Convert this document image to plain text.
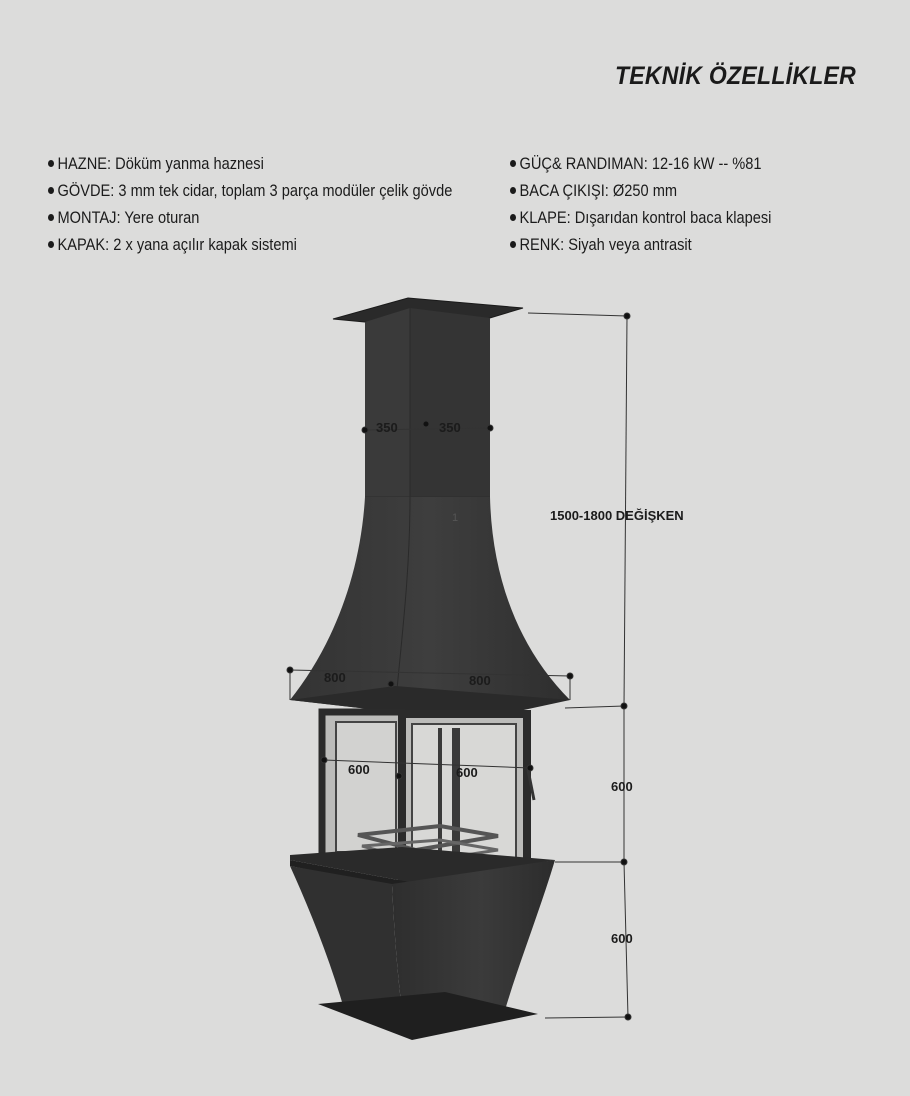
TEKNİK ÖZELLİKLER
HAZNE: Döküm yanma haznesi
GÖVDE: 3 mm tek cidar, toplam 3 parça modüler çelik gövde
MONTAJ: Yere oturan
KAPAK: 2 x yana açılır kapak sistemi
GÜÇ& RANDIMAN: 12-16 kW -- %81
BACA ÇIKIŞI: Ø250 mm
KLAPE: Dışarıdan kontrol baca klapesi
RENK: Siyah veya antrasit
1
350	350
1500-1800 DEĞİŞKEN
800	800
600	600
600
600
